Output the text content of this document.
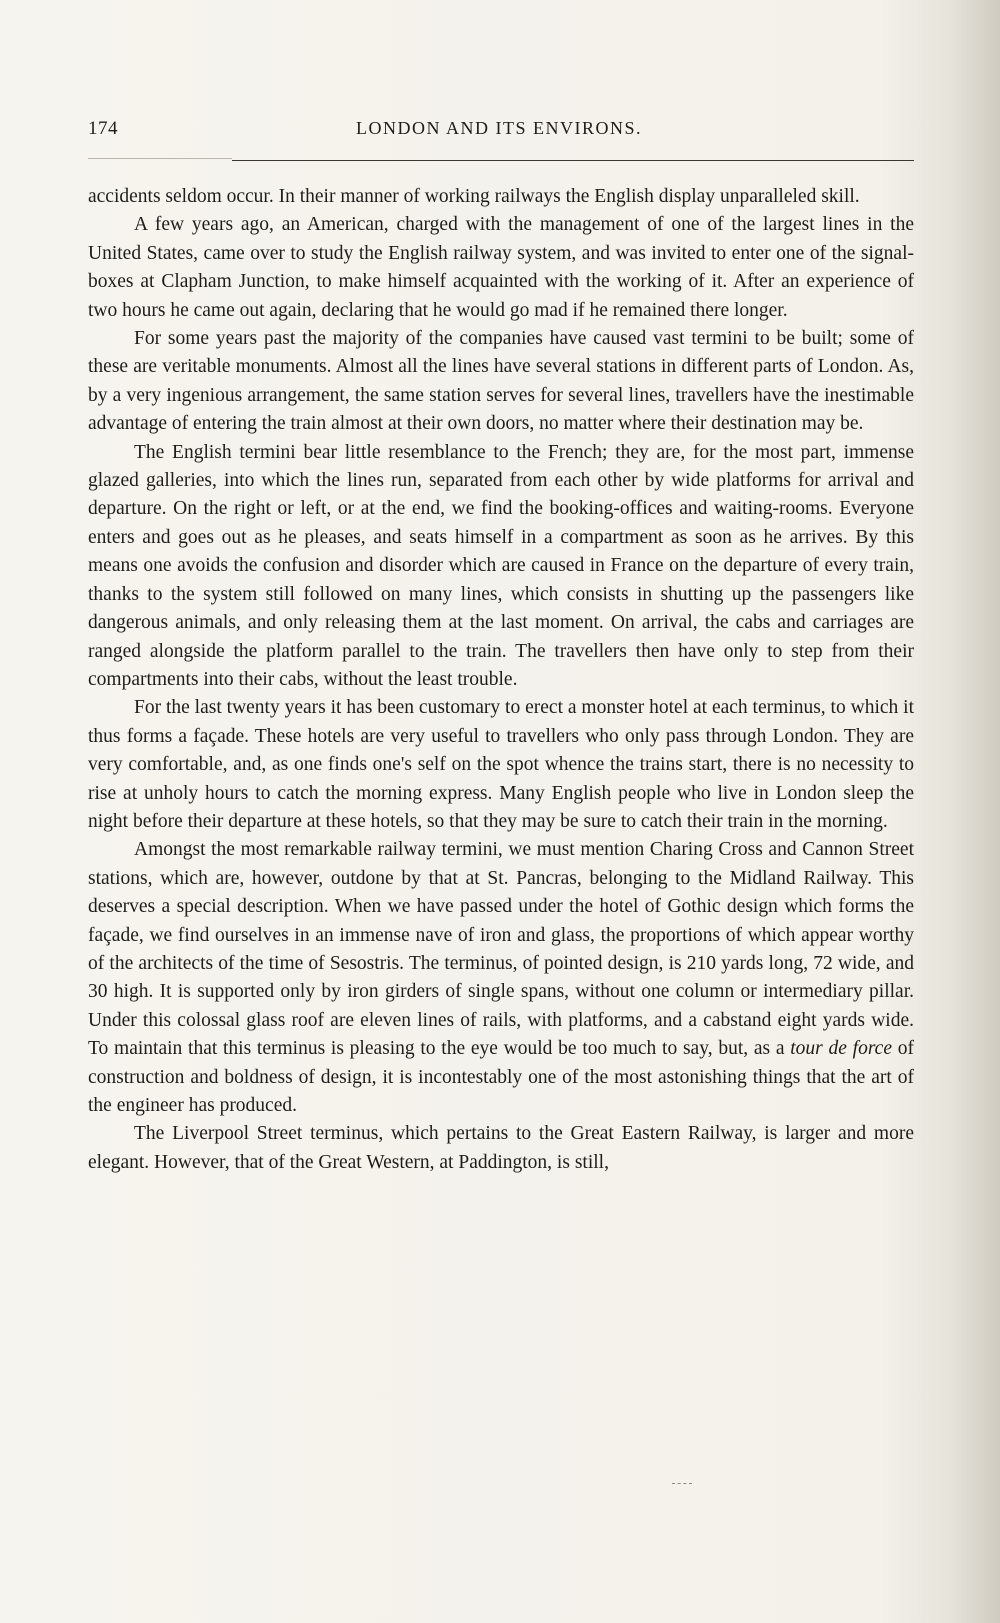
174	LONDON AND ITS ENVIRONS.

accidents seldom occur. In their manner of working railways the English display unparalleled skill.

A few years ago, an American, charged with the management of one of the largest lines in the United States, came over to study the English railway system, and was invited to enter one of the signal-boxes at Clapham Junction, to make himself acquainted with the working of it. After an experience of two hours he came out again, declaring that he would go mad if he remained there longer.

For some years past the majority of the companies have caused vast termini to be built; some of these are veritable monuments. Almost all the lines have several stations in different parts of London. As, by a very ingenious arrangement, the same station serves for several lines, travellers have the inestimable advantage of entering the train almost at their own doors, no matter where their destination may be.

The English termini bear little resemblance to the French; they are, for the most part, immense glazed galleries, into which the lines run, separated from each other by wide platforms for arrival and departure. On the right or left, or at the end, we find the booking-offices and waiting-rooms. Everyone enters and goes out as he pleases, and seats himself in a compartment as soon as he arrives. By this means one avoids the confusion and disorder which are caused in France on the departure of every train, thanks to the system still followed on many lines, which consists in shutting up the passengers like dangerous animals, and only releasing them at the last moment. On arrival, the cabs and carriages are ranged alongside the platform parallel to the train. The travellers then have only to step from their compartments into their cabs, without the least trouble.

For the last twenty years it has been customary to erect a monster hotel at each terminus, to which it thus forms a façade. These hotels are very useful to travellers who only pass through London. They are very comfortable, and, as one finds one's self on the spot whence the trains start, there is no necessity to rise at unholy hours to catch the morning express. Many English people who live in London sleep the night before their departure at these hotels, so that they may be sure to catch their train in the morning.

Amongst the most remarkable railway termini, we must mention Charing Cross and Cannon Street stations, which are, however, outdone by that at St. Pancras, belonging to the Midland Railway. This deserves a special description. When we have passed under the hotel of Gothic design which forms the façade, we find ourselves in an immense nave of iron and glass, the proportions of which appear worthy of the architects of the time of Sesostris. The terminus, of pointed design, is 210 yards long, 72 wide, and 30 high. It is supported only by iron girders of single spans, without one column or intermediary pillar. Under this colossal glass roof are eleven lines of rails, with platforms, and a cabstand eight yards wide. To maintain that this terminus is pleasing to the eye would be too much to say, but, as a tour de force of construction and boldness of design, it is incontestably one of the most astonishing things that the art of the engineer has produced.

The Liverpool Street terminus, which pertains to the Great Eastern Railway, is larger and more elegant. However, that of the Great Western, at Paddington, is still,
